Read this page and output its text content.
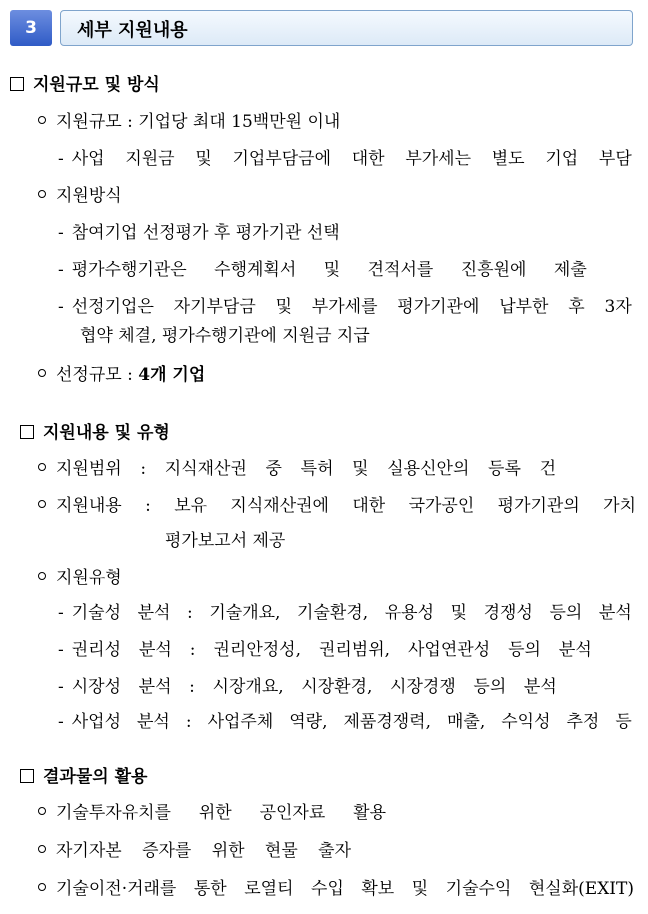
3	세부 지원내용
지원규모 및 방식
지원규모 : 기업당 최대 15백만원 이내
- 사업 지원금 및 기업부담금에 대한 부가세는 별도 기업 부담
지원방식
- 참여기업 선정평가 후 평가기관 선택
- 평가수행기관은 수행계획서 및 견적서를 진흥원에 제출
- 선정기업은 자기부담금 및 부가세를 평가기관에 납부한 후 3자
협약 체결, 평가수행기관에 지원금 지급
선정규모 : 4개 기업
지원내용 및 유형
지원범위 : 지식재산권 중 특허 및 실용신안의 등록 건
지원내용 : 보유 지식재산권에 대한 국가공인 평가기관의 가치
평가보고서 제공
지원유형
- 기술성 분석 : 기술개요, 기술환경, 유용성 및 경쟁성 등의 분석
- 권리성 분석 : 권리안정성, 권리범위, 사업연관성 등의 분석
- 시장성 분석 : 시장개요, 시장환경, 시장경쟁 등의 분석
- 사업성 분석 : 사업주체 역량, 제품경쟁력, 매출, 수익성 추정 등
결과물의 활용
기술투자유치를 위한 공인자료 활용
자기자본 증자를 위한 현물 출자
기술이전·거래를 통한 로열티 수입 확보 및 기술수익 현실화(EXIT)
